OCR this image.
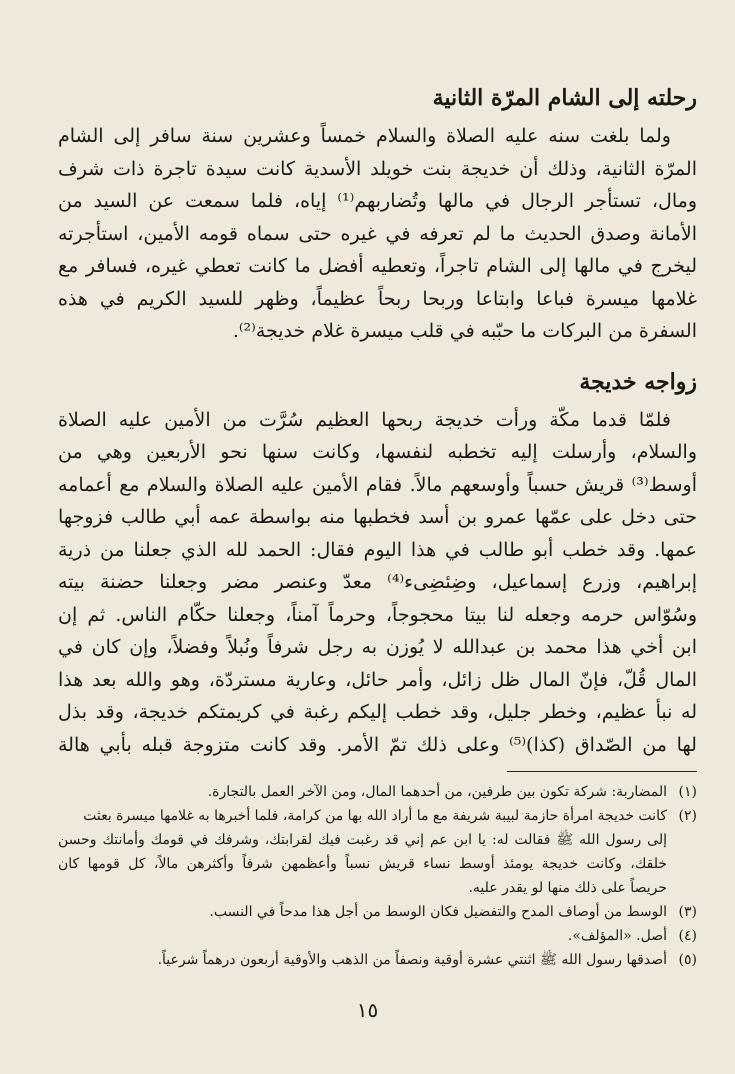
رحلته إلى الشام المرّة الثانية
ولما بلغت سنه عليه الصلاة والسلام خمساً وعشرين سنة سافر إلى الشام
المرّة الثانية، وذلك أن خديجة بنت خويلد الأسدية كانت سيدة تاجرة ذات شرف
ومال، تستأجر الرجال في مالها وتُضاربهم⁽¹⁾ إياه، فلما سمعت عن السيد من
الأمانة وصدق الحديث ما لم تعرفه في غيره حتى سماه قومه الأمين، استأجرته
ليخرج في مالها إلى الشام تاجراً، وتعطيه أفضل ما كانت تعطي غيره، فسافر مع
غلامها ميسرة فباعا وابتاعا وربحا ربحاً عظيماً، وظهر للسيد الكريم في هذه
السفرة من البركات ما حبّبه في قلب ميسرة غلام خديجة⁽²⁾.
زواجه خديجة
فلمّا قدما مكّة ورأت خديجة ربحها العظيم سُرَّت من الأمين عليه الصلاة
والسلام، وأرسلت إليه تخطبه لنفسها، وكانت سنها نحو الأربعين وهي من
أوسط⁽³⁾ قريش حسباً وأوسعهم مالاً. فقام الأمين عليه الصلاة والسلام مع أعمامه
حتى دخل على عمّها عمرو بن أسد فخطبها منه بواسطة عمه أبي طالب فزوجها
عمها. وقد خطب أبو طالب في هذا اليوم فقال: الحمد لله الذي جعلنا من ذرية
إبراهيم، وزرع إسماعيل، وضِئضِىء⁽⁴⁾ معدّ وعنصر مضر وجعلنا حضنة بيته
وسُوّاس حرمه وجعله لنا بيتا محجوجاً، وحرماً آمناً، وجعلنا حكّام الناس. ثم إن
ابن أخي هذا محمد بن عبدالله لا يُوزن به رجل شرفاً ونُبلاً وفضلاً، وإن كان في
المال قُلّ، فإنّ المال ظل زائل، وأمر حائل، وعارية مستردّة، وهو والله بعد هذا
له نبأ عظيم، وخطر جليل، وقد خطب إليكم رغبة في كريمتكم خديجة، وقد بذل
لها من الصّداق (كذا)⁽⁵⁾ وعلى ذلك تمّ الأمر. وقد كانت متزوجة قبله بأبي هالة
(١)المضاربة: شركة تكون بين طرفين، من أحدهما المال، ومن الآخر العمل بالتجارة.
(٢)كانت خديجة امرأة حازمة لبيبة شريفة مع ما أراد الله بها من كرامة، فلما أخبرها به غلامها ميسرة بعثت
إلى رسول الله ﷺ فقالت له: يا ابن عم إني قد رغبت فيك لقرابتك، وشرفك في قومك وأمانتك وحسن
خلقك، وكانت خديجة يومئذ أوسط نساء قريش نسباً وأعظمهن شرفاً وأكثرهن مالاً، كل قومها كان
حريصاً على ذلك منها لو يقدر عليه.
(٣)الوسط من أوصاف المدح والتفضيل فكان الوسط من أجل هذا مدحاً في النسب.
(٤)أصل. «المؤلف».
(٥)أصدقها رسول الله ﷺ اثنتي عشرة أوقية ونصفاً من الذهب والأوقية أربعون درهماً شرعياً.
١٥
